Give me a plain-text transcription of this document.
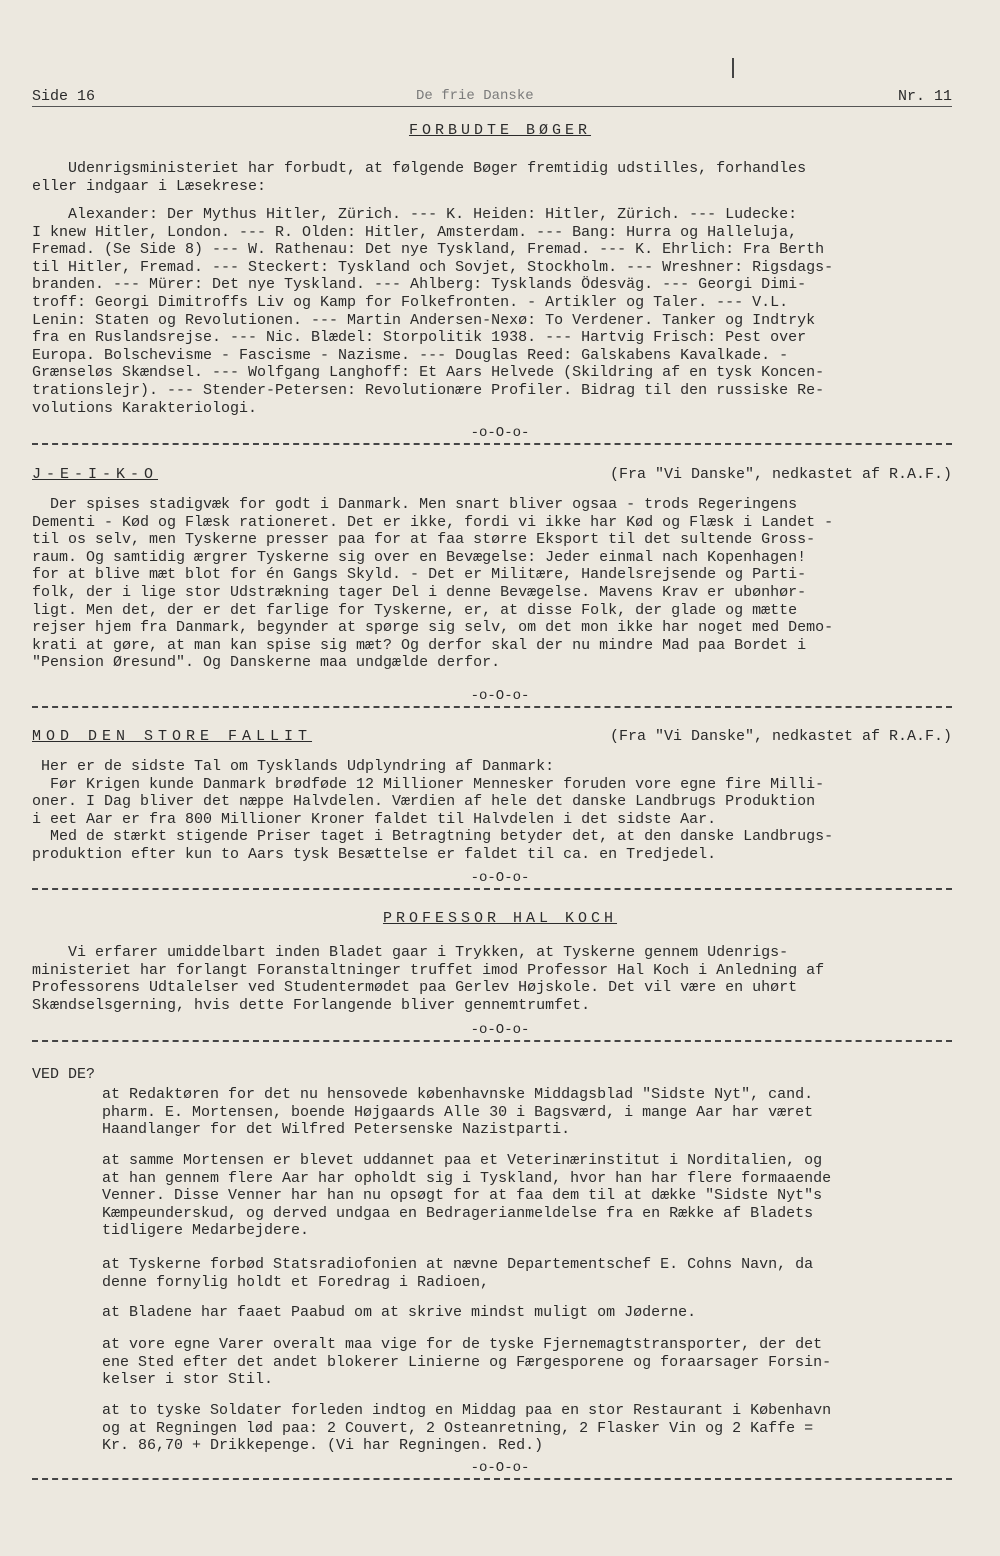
Side 16	De frie Danske	Nr. 11
FORBUDTE BØGER
Udenrigsministeriet har forbudt, at følgende Bøger fremtidig udstilles, forhandles
eller indgaar i Læsekrese:
Alexander: Der Mythus Hitler, Zürich. --- K. Heiden: Hitler, Zürich. --- Ludecke:
I knew Hitler, London. --- R. Olden: Hitler, Amsterdam. --- Bang: Hurra og Halleluja,
Fremad. (Se Side 8) --- W. Rathenau: Det nye Tyskland, Fremad. --- K. Ehrlich: Fra Berth
til Hitler, Fremad. --- Steckert: Tyskland och Sovjet, Stockholm. --- Wreshner: Rigsdags-
branden. --- Mürer: Det nye Tyskland. --- Ahlberg: Tysklands Ödesväg. --- Georgi Dimi-
troff: Georgi Dimitroffs Liv og Kamp for Folkefronten. - Artikler og Taler. --- V.L.
Lenin: Staten og Revolutionen. --- Martin Andersen-Nexø: To Verdener. Tanker og Indtryk
fra en Ruslandsrejse. --- Nic. Blædel: Storpolitik 1938. --- Hartvig Frisch: Pest over
Europa. Bolschevisme - Fascisme - Nazisme. --- Douglas Reed: Galskabens Kavalkade. -
Grænseløs Skændsel. --- Wolfgang Langhoff: Et Aars Helvede (Skildring af en tysk Koncen-
trationslejr). --- Stender-Petersen: Revolutionære Profiler. Bidrag til den russiske Re-
volutions Karakteriologi.
-o-O-o-
J-E-I-K-O	(Fra "Vi Danske", nedkastet af R.A.F.)
Der spises stadigvæk for godt i Danmark. Men snart bliver ogsaa - trods Regeringens
Dementi - Kød og Flæsk rationeret. Det er ikke, fordi vi ikke har Kød og Flæsk i Landet -
til os selv, men Tyskerne presser paa for at faa større Eksport til det sultende Gross-
raum. Og samtidig ærgrer Tyskerne sig over en Bevægelse: Jeder einmal nach Kopenhagen!
for at blive mæt blot for én Gangs Skyld. - Det er Militære, Handelsrejsende og Parti-
folk, der i lige stor Udstrækning tager Del i denne Bevægelse. Mavens Krav er ubønhør-
ligt. Men det, der er det farlige for Tyskerne, er, at disse Folk, der glade og mætte
rejser hjem fra Danmark, begynder at spørge sig selv, om det mon ikke har noget med Demo-
krati at gøre, at man kan spise sig mæt? Og derfor skal der nu mindre Mad paa Bordet i
"Pension Øresund". Og Danskerne maa undgælde derfor.
-o-O-o-
MOD DEN STORE FALLIT	(Fra "Vi Danske", nedkastet af R.A.F.)
Her er de sidste Tal om Tysklands Udplyndring af Danmark:
Før Krigen kunde Danmark brødføde 12 Millioner Mennesker foruden vore egne fire Milli-
oner. I Dag bliver det næppe Halvdelen. Værdien af hele det danske Landbrugs Produktion
i eet Aar er fra 800 Millioner Kroner faldet til Halvdelen i det sidste Aar.
Med de stærkt stigende Priser taget i Betragtning betyder det, at den danske Landbrugs-
produktion efter kun to Aars tysk Besættelse er faldet til ca. en Tredjedel.
-o-O-o-
PROFESSOR HAL KOCH
Vi erfarer umiddelbart inden Bladet gaar i Trykken, at Tyskerne gennem Udenrigs-
ministeriet har forlangt Foranstaltninger truffet imod Professor Hal Koch i Anledning af
Professorens Udtalelser ved Studentermødet paa Gerlev Højskole. Det vil være en uhørt
Skændselsgerning, hvis dette Forlangende bliver gennemtrumfet.
-o-O-o-
VED DE?
at Redaktøren for det nu hensovede københavnske Middagsblad "Sidste Nyt", cand.
pharm. E. Mortensen, boende Højgaards Alle 30 i Bagsværd, i mange Aar har været
Haandlanger for det Wilfred Petersenske Nazistparti.
at samme Mortensen er blevet uddannet paa et Veterinærinstitut i Norditalien, og
at han gennem flere Aar har opholdt sig i Tyskland, hvor han har flere formaaende
Venner. Disse Venner har han nu opsøgt for at faa dem til at dække "Sidste Nyt"s
Kæmpeunderskud, og derved undgaa en Bedragerianmeldelse fra en Række af Bladets
tidligere Medarbejdere.
at Tyskerne forbød Statsradiofonien at nævne Departementschef E. Cohns Navn, da
denne fornylig holdt et Foredrag i Radioen,
at Bladene har faaet Paabud om at skrive mindst muligt om Jøderne.
at vore egne Varer overalt maa vige for de tyske Fjernemagtstransporter, der det
ene Sted efter det andet blokerer Linierne og Færgesporene og foraarsager Forsin-
kelser i stor Stil.
at to tyske Soldater forleden indtog en Middag paa en stor Restaurant i København
og at Regningen lød paa: 2 Couvert, 2 Osteanretning, 2 Flasker Vin og 2 Kaffe =
Kr. 86,70 + Drikkepenge. (Vi har Regningen. Red.)
-o-O-o-
